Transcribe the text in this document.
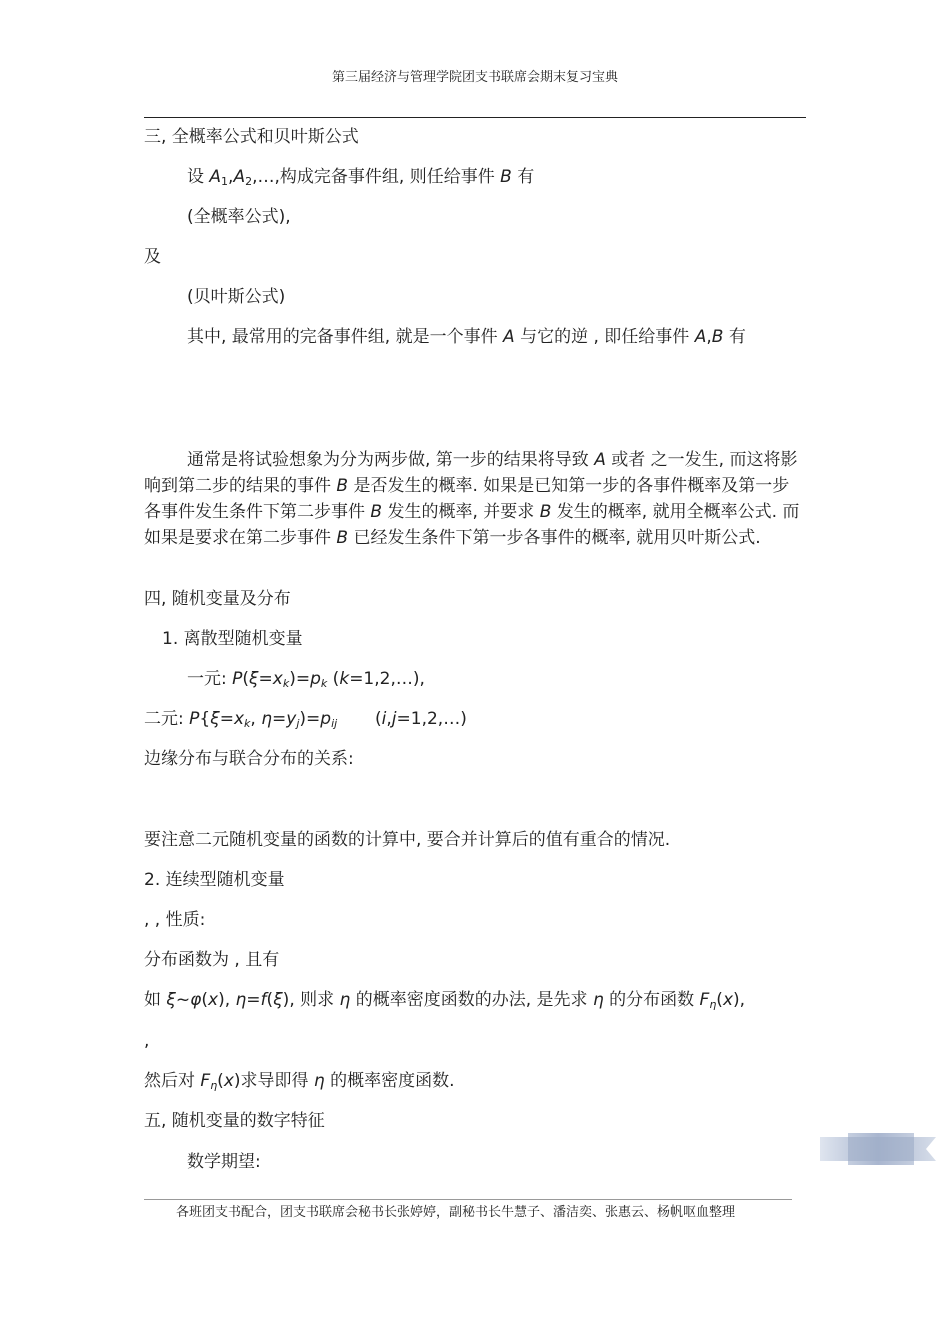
第三届经济与管理学院团支书联席会期末复习宝典
三, 全概率公式和贝叶斯公式
设 $A_1,A_2,\dots$,构成完备事件组, 则任给事件 B 有
(全概率公式),
及
(贝叶斯公式)
其中, 最常用的完备事件组, 就是一个事件 A 与它的逆 , 即任给事件 A,B 有
通常是将试验想象为分为两步做, 第一步的结果将导致 A 或者 之一发生, 而这将影响到第二步的结果的事件 B 是否发生的概率. 如果是已知第一步的各事件概率及第一步各事件发生条件下第二步事件 B 发生的概率, 并要求 B 发生的概率, 就用全概率公式. 而如果是要求在第二步事件 B 已经发生条件下第一步各事件的概率, 就用贝叶斯公式.
四, 随机变量及分布
1. 离散型随机变量
一元: $P(\xi=x_k)=p_k$ (k=1,2,…),
二元: $P\{\xi=x_k$, $\eta=y_j)=p_{ij}$       (i,j=1,2,…)
边缘分布与联合分布的关系:
要注意二元随机变量的函数的计算中, 要合并计算后的值有重合的情况.
2. 连续型随机变量
, , 性质:
分布函数为 , 且有
如 ξ~φ(x), η=f(ξ), 则求 η 的概率密度函数的办法, 是先求 η 的分布函数 $F_\eta(x)$,
,
然后对 $F_\eta(x)$求导即得 η 的概率密度函数.
五, 随机变量的数字特征
数学期望:
各班团支书配合，团支书联席会秘书长张婷婷，副秘书长牛慧子、潘洁奕、张惠云、杨帆呕血整理
